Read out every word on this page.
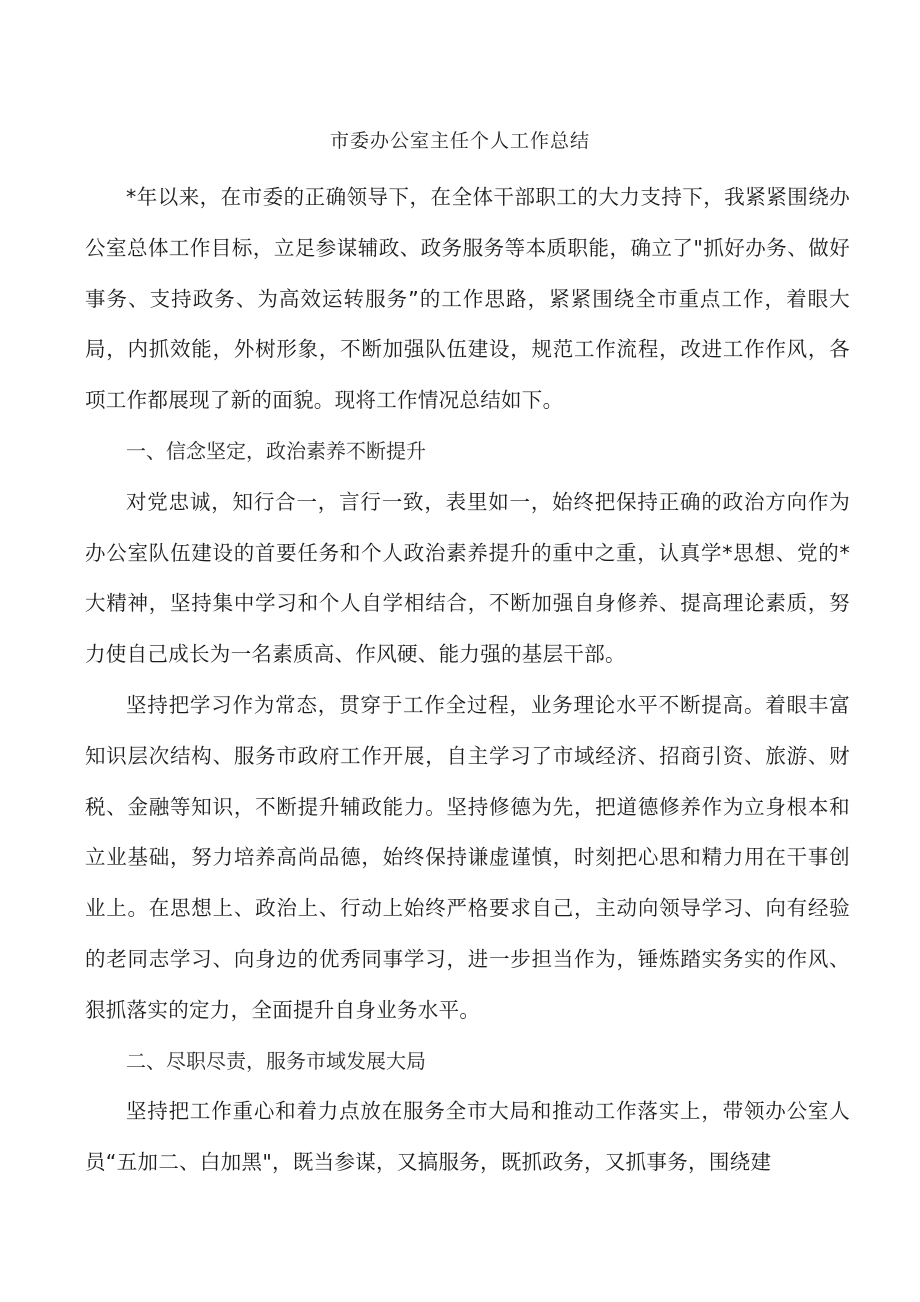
市委办公室主任个人工作总结

*年以来，在市委的正确领导下，在全体干部职工的大力支持下，我紧紧围绕办公室总体工作目标，立足参谋辅政、政务服务等本质职能，确立了"抓好办务、做好事务、支持政务、为高效运转服务”的工作思路，紧紧围绕全市重点工作，着眼大局，内抓效能，外树形象，不断加强队伍建设，规范工作流程，改进工作作风，各项工作都展现了新的面貌。现将工作情况总结如下。

一、信念坚定，政治素养不断提升

对党忠诚，知行合一，言行一致，表里如一，始终把保持正确的政治方向作为办公室队伍建设的首要任务和个人政治素养提升的重中之重，认真学*思想、党的*大精神，坚持集中学习和个人自学相结合，不断加强自身修养、提高理论素质，努力使自己成长为一名素质高、作风硬、能力强的基层干部。

坚持把学习作为常态，贯穿于工作全过程，业务理论水平不断提高。着眼丰富知识层次结构、服务市政府工作开展，自主学习了市域经济、招商引资、旅游、财税、金融等知识，不断提升辅政能力。坚持修德为先，把道德修养作为立身根本和立业基础，努力培养高尚品德，始终保持谦虚谨慎，时刻把心思和精力用在干事创业上。在思想上、政治上、行动上始终严格要求自己，主动向领导学习、向有经验的老同志学习、向身边的优秀同事学习，进一步担当作为，锤炼踏实务实的作风、狠抓落实的定力，全面提升自身业务水平。

二、尽职尽责，服务市域发展大局

坚持把工作重心和着力点放在服务全市大局和推动工作落实上，带领办公室人员“五加二、白加黑"，既当参谋，又搞服务，既抓政务，又抓事务，围绕建
